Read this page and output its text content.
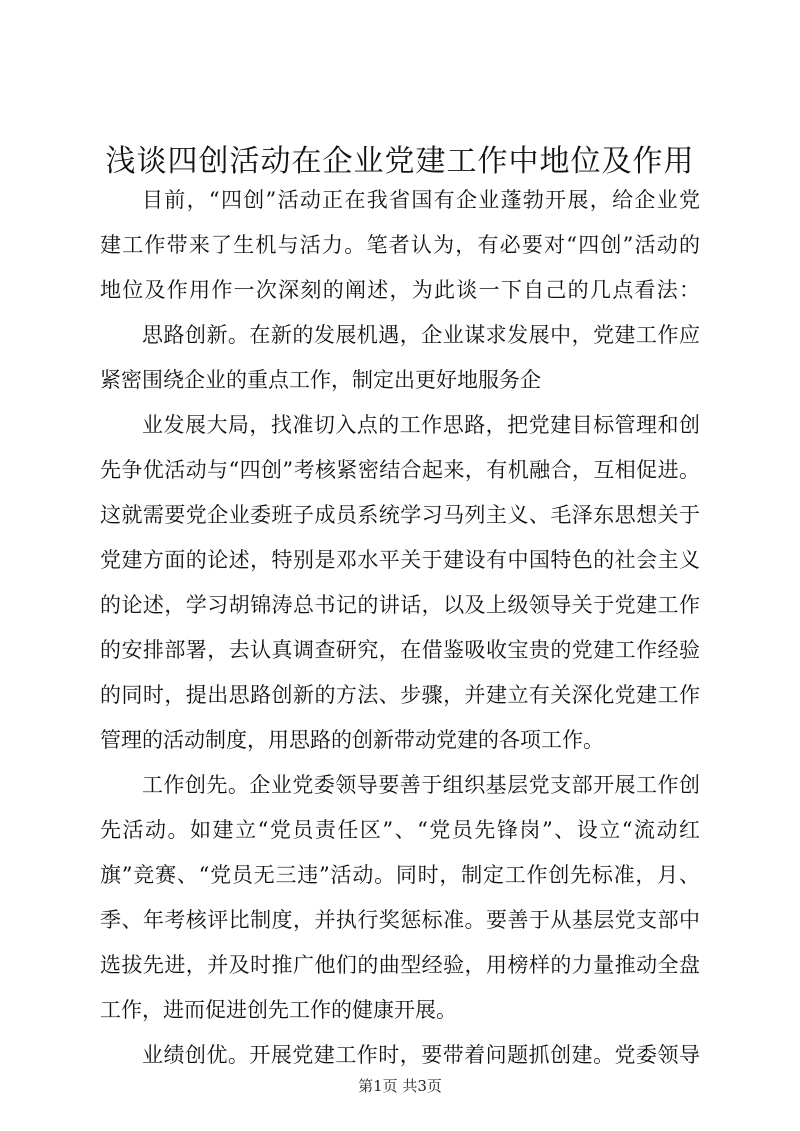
浅谈四创活动在企业党建工作中地位及作用
目前，“四创”活动正在我省国有企业蓬勃开展，给企业党
建工作带来了生机与活力。笔者认为，有必要对“四创”活动的
地位及作用作一次深刻的阐述，为此谈一下自己的几点看法：
思路创新。在新的发展机遇，企业谋求发展中，党建工作应
紧密围绕企业的重点工作，制定出更好地服务企
业发展大局，找准切入点的工作思路，把党建目标管理和创
先争优活动与“四创”考核紧密结合起来，有机融合，互相促进。
这就需要党企业委班子成员系统学习马列主义、毛泽东思想关于
党建方面的论述，特别是邓水平关于建设有中国特色的社会主义
的论述，学习胡锦涛总书记的讲话，以及上级领导关于党建工作
的安排部署，去认真调查研究，在借鉴吸收宝贵的党建工作经验
的同时，提出思路创新的方法、步骤，并建立有关深化党建工作
管理的活动制度，用思路的创新带动党建的各项工作。
工作创先。企业党委领导要善于组织基层党支部开展工作创
先活动。如建立“党员责任区”、“党员先锋岗”、设立“流动红
旗”竞赛、“党员无三违”活动。同时，制定工作创先标准，月、
季、年考核评比制度，并执行奖惩标准。要善于从基层党支部中
选拔先进，并及时推广他们的曲型经验，用榜样的力量推动全盘
工作，进而促进创先工作的健康开展。
业绩创优。开展党建工作时，要带着问题抓创建。党委领导
第1页 共3页
